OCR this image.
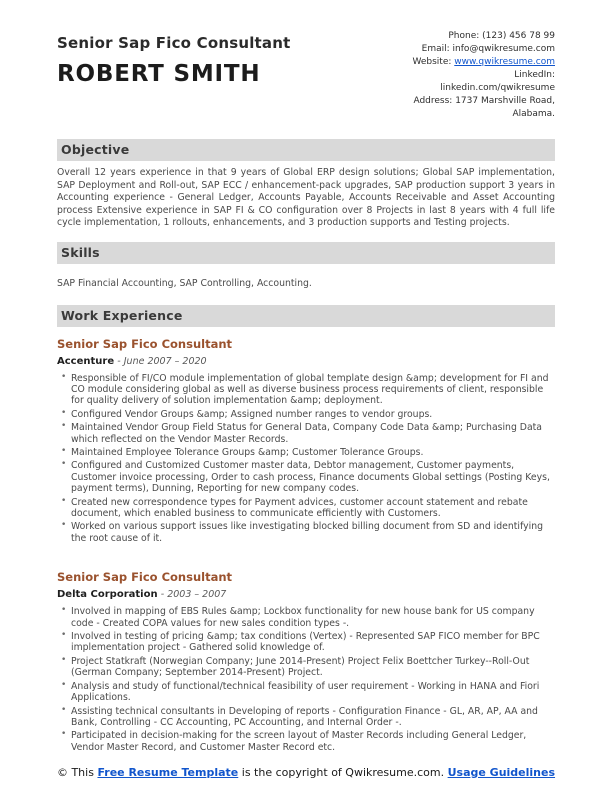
Senior Sap Fico Consultant
ROBERT SMITH
Phone: (123) 456 78 99
Email: info@qwikresume.com
Website: www.qwikresume.com
LinkedIn:
linkedin.com/qwikresume
Address: 1737 Marshville Road,
Alabama.
Objective

Overall 12 years experience in that 9 years of Global ERP design solutions; Global SAP implementation, SAP Deployment and Roll-out, SAP ECC / enhancement-pack upgrades, SAP production support 3 years in Accounting experience - General Ledger, Accounts Payable, Accounts Receivable and Asset Accounting process Extensive experience in SAP FI & CO configuration over 8 Projects in last 8 years with 4 full life cycle implementation, 1 rollouts, enhancements, and 3 production supports and Testing projects.

Skills

SAP Financial Accounting, SAP Controlling, Accounting.

Work Experience
Senior Sap Fico Consultant
Accenture - June 2007 – 2020
• Responsible of FI/CO module implementation of global template design &amp; development for FI and CO module considering global as well as diverse business process requirements of client, responsible for quality delivery of solution implementation &amp; deployment.
• Configured Vendor Groups &amp; Assigned number ranges to vendor groups.
• Maintained Vendor Group Field Status for General Data, Company Code Data &amp; Purchasing Data which reflected on the Vendor Master Records.
• Maintained Employee Tolerance Groups &amp; Customer Tolerance Groups.
• Configured and Customized Customer master data, Debtor management, Customer payments, Customer invoice processing, Order to cash process, Finance documents Global settings (Posting Keys, payment terms), Dunning, Reporting for new company codes.
• Created new correspondence types for Payment advices, customer account statement and rebate document, which enabled business to communicate efficiently with Customers.
• Worked on various support issues like investigating blocked billing document from SD and identifying the root cause of it.
Senior Sap Fico Consultant
Delta Corporation - 2003 – 2007
• Involved in mapping of EBS Rules &amp; Lockbox functionality for new house bank for US company code - Created COPA values for new sales condition types -.
• Involved in testing of pricing &amp; tax conditions (Vertex) - Represented SAP FICO member for BPC implementation project - Gathered solid knowledge of.
• Project Statkraft (Norwegian Company; June 2014-Present) Project Felix Boettcher Turkey--Roll-Out (German Company; September 2014-Present) Project.
• Analysis and study of functional/technical feasibility of user requirement - Working in HANA and Fiori Applications.
• Assisting technical consultants in Developing of reports - Configuration Finance - GL, AR, AP, AA and Bank, Controlling - CC Accounting, PC Accounting, and Internal Order -.
• Participated in decision-making for the screen layout of Master Records including General Ledger, Vendor Master Record, and Customer Master Record etc.
© This Free Resume Template is the copyright of Qwikresume.com. Usage Guidelines
